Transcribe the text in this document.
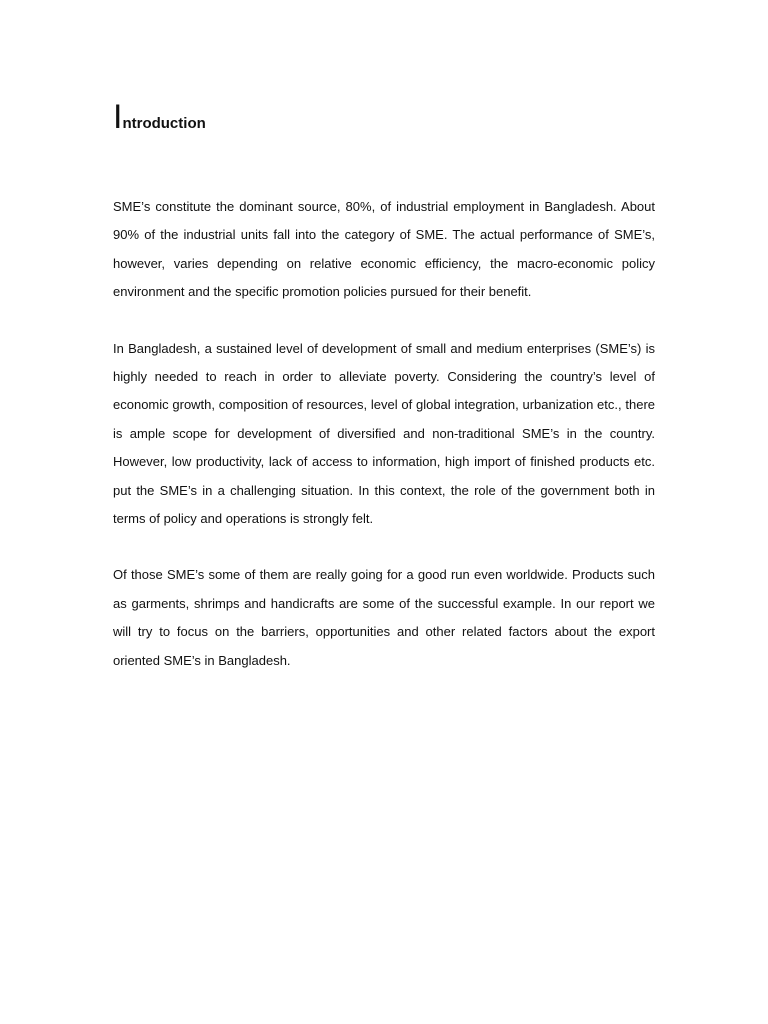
Introduction

SME’s constitute the dominant source, 80%, of industrial employment in Bangladesh. About 90% of the industrial units fall into the category of SME. The actual performance of SME’s, however, varies depending on relative economic efficiency, the macro-economic policy environment and the specific promotion policies pursued for their benefit.

In Bangladesh, a sustained level of development of small and medium enterprises (SME’s) is highly needed to reach in order to alleviate poverty. Considering the country’s level of economic growth, composition of resources, level of global integration, urbanization etc., there is ample scope for development of diversified and non-traditional SME’s in the country. However, low productivity, lack of access to information, high import of finished products etc. put the SME’s in a challenging situation. In this context, the role of the government both in terms of policy and operations is strongly felt.

Of those SME’s some of them are really going for a good run even worldwide. Products such as garments, shrimps and handicrafts are some of the successful example. In our report we will try to focus on the barriers, opportunities and other related factors about the export oriented SME’s in Bangladesh.
